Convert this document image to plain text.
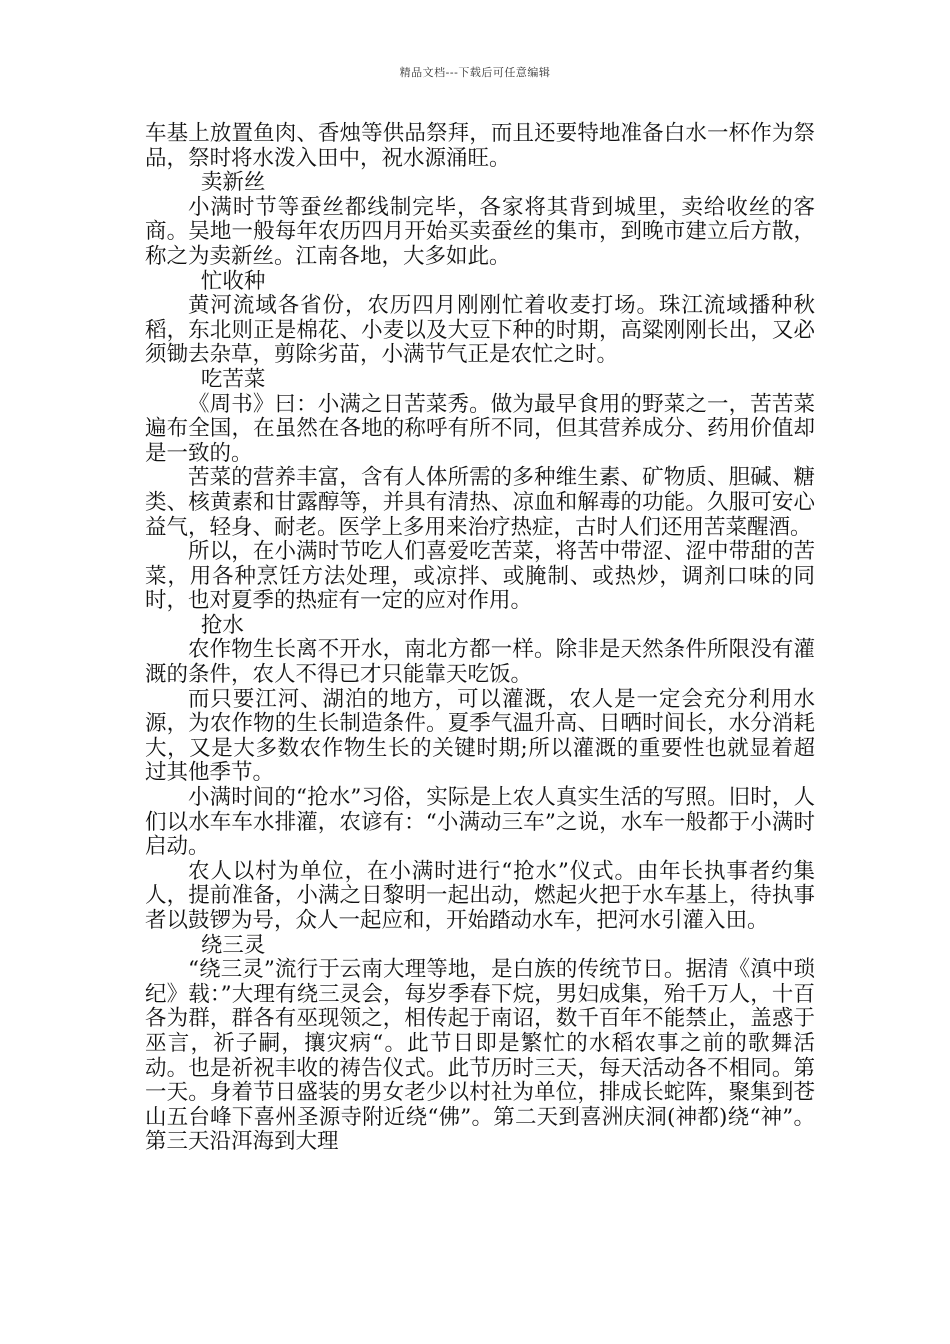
精品文档---下载后可任意编辑

车基上放置鱼肉、香烛等供品祭拜，而且还要特地准备白水一杯作为祭品，祭时将水泼入田中，祝水源涌旺。

卖新丝

小满时节等蚕丝都线制完毕，各家将其背到城里，卖给收丝的客商。吴地一般每年农历四月开始买卖蚕丝的集市，到晚市建立后方散，称之为卖新丝。江南各地，大多如此。

忙收种

黄河流域各省份，农历四月刚刚忙着收麦打场。珠江流域播种秋稻，东北则正是棉花、小麦以及大豆下种的时期，高粱刚刚长出，又必须锄去杂草，剪除劣苗，小满节气正是农忙之时。

吃苦菜

《周书》曰：小满之日苦菜秀。做为最早食用的野菜之一，苦苦菜遍布全国，在虽然在各地的称呼有所不同，但其营养成分、药用价值却是一致的。

苦菜的营养丰富，含有人体所需的多种维生素、矿物质、胆碱、糖类、核黄素和甘露醇等，并具有清热、凉血和解毒的功能。久服可安心益气，轻身、耐老。医学上多用来治疗热症，古时人们还用苦菜醒酒。

所以，在小满时节吃人们喜爱吃苦菜，将苦中带涩、涩中带甜的苦菜，用各种烹饪方法处理，或凉拌、或腌制、或热炒，调剂口味的同时，也对夏季的热症有一定的应对作用。

抢水

农作物生长离不开水，南北方都一样。除非是天然条件所限没有灌溉的条件，农人不得已才只能靠天吃饭。

而只要江河、湖泊的地方，可以灌溉，农人是一定会充分利用水源，为农作物的生长制造条件。夏季气温升高、日晒时间长，水分消耗大，又是大多数农作物生长的关键时期;所以灌溉的重要性也就显着超过其他季节。

小满时间的“抢水”习俗，实际是上农人真实生活的写照。旧时，人们以水车车水排灌，农谚有：“小满动三车”之说，水车一般都于小满时启动。

农人以村为单位，在小满时进行“抢水”仪式。由年长执事者约集人，提前准备，小满之日黎明一起出动，燃起火把于水车基上，待执事者以鼓锣为号，众人一起应和，开始踏动水车，把河水引灌入田。

绕三灵

“绕三灵”流行于云南大理等地，是白族的传统节日。据清《滇中琐纪》载：”大理有绕三灵会，每岁季春下烷，男妇成集，殆千万人，十百各为群，群各有巫现领之，相传起于南诏，数千百年不能禁止，盖惑于巫言，祈子嗣，攘灾病“。此节日即是繁忙的水稻农事之前的歌舞活动。也是祈祝丰收的祷告仪式。此节历时三天，每天活动各不相同。第一天。身着节日盛装的男女老少以村社为单位，排成长蛇阵，聚集到苍山五台峰下喜州圣源寺附近绕“佛”。第二天到喜洲庆洞(神都)绕“神”。第三天沿洱海到大理
